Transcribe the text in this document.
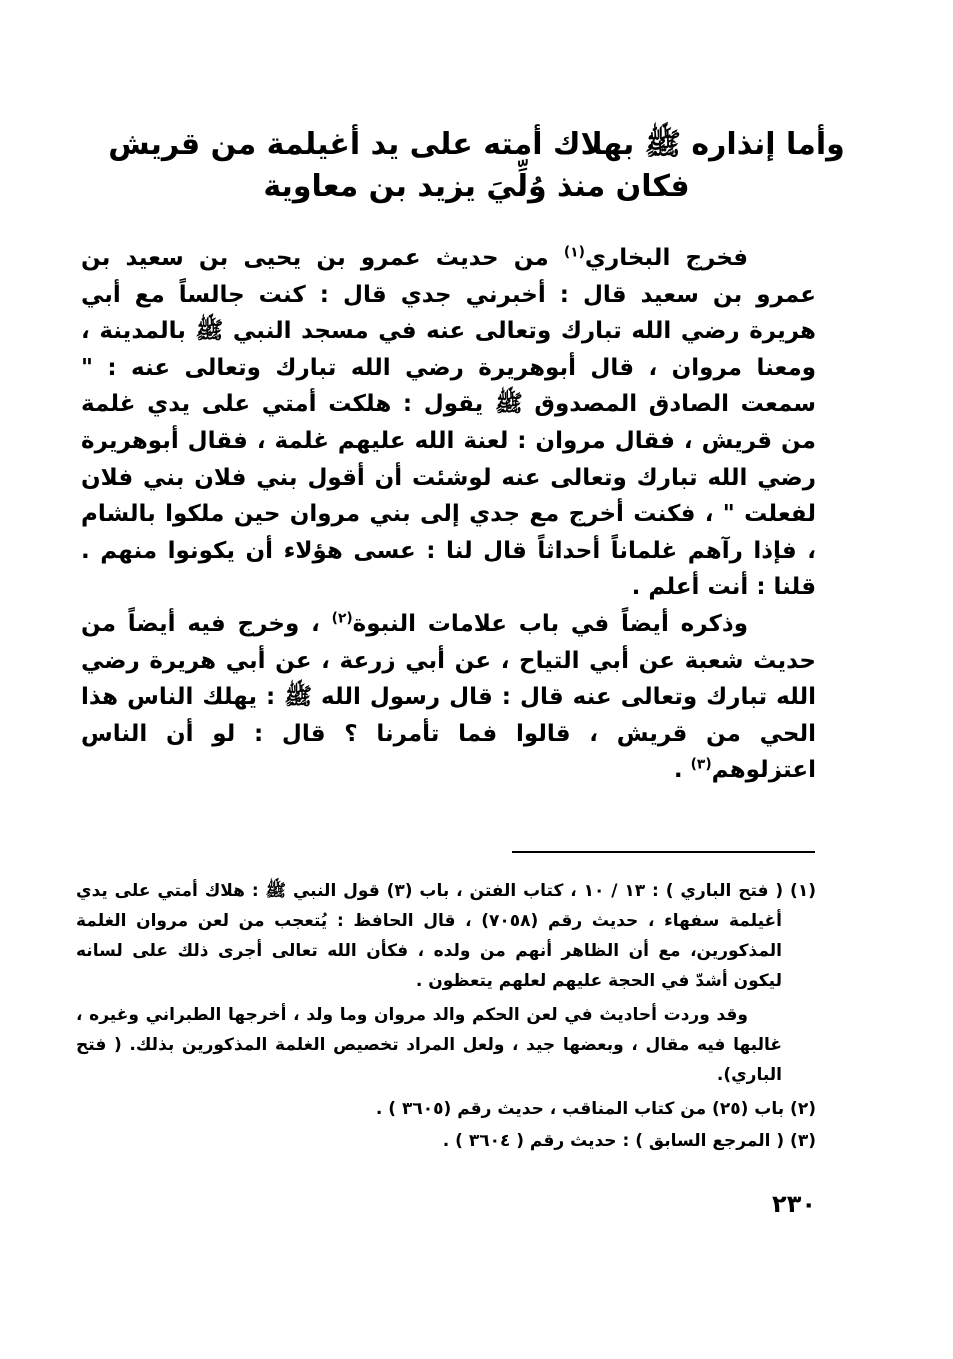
وأما إنذاره ﷺ بهلاك أمته على يد أغيلمة من قريش
فكان منذ وُلِّيَ يزيد بن معاوية

فخرج البخاري$^{(١)}$ من حديث عمرو بن يحيى بن سعيد بن عمرو بن سعيد قال : أخبرني جدي قال : كنت جالساً مع أبي هريرة رضي الله تبارك وتعالى عنه في مسجد النبي ﷺ بالمدينة ، ومعنا مروان ، قال أبوهريرة رضي الله تبارك وتعالى عنه : " سمعت الصادق المصدوق ﷺ يقول : هلكت أمتي على يدي غلمة من قريش ، فقال مروان : لعنة الله عليهم غلمة ، فقال أبوهريرة رضي الله تبارك وتعالى عنه لوشئت أن أقول بني فلان بني فلان لفعلت " ، فكنت أخرج مع جدي إلى بني مروان حين ملكوا بالشام ، فإذا رآهم غلماناً أحداثاً قال لنا : عسى هؤلاء أن يكونوا منهم . قلنا : أنت أعلم .

وذكره أيضاً في باب علامات النبوة$^{(٢)}$ ، وخرج فيه أيضاً من حديث شعبة عن أبي التياح ، عن أبي زرعة ، عن أبي هريرة رضي الله تبارك وتعالى عنه قال : قال رسول الله ﷺ : يهلك الناس هذا الحي من قريش ، قالوا فما تأمرنا ؟ قال : لو أن الناس اعتزلوهم$^{(٣)}$ .

(١) ( فتح الباري ) : ١٣ / ١٠ ، كتاب الفتن ، باب (٣) قول النبي ﷺ : هلاك أمتي على يدي أغيلمة سفهاء ، حديث رقم (٧٠٥٨) ، قال الحافظ : يُتعجب من لعن مروان الغلمة المذكورين، مع أن الظاهر أنهم من ولده ، فكأن الله تعالى أجرى ذلك على لسانه ليكون أشدّ في الحجة عليهم لعلهم يتعظون .

وقد وردت أحاديث في لعن الحكم والد مروان وما ولد ، أخرجها الطبراني وغيره ، غالبها فيه مقال ، وبعضها جيد ، ولعل المراد تخصيص الغلمة المذكورين بذلك. ( فتح الباري).

(٢) باب (٢٥) من كتاب المناقب ، حديث رقم (٣٦٠٥ ) .

(٣) ( المرجع السابق ) : حديث رقم ( ٣٦٠٤ ) .

٢٣٠
